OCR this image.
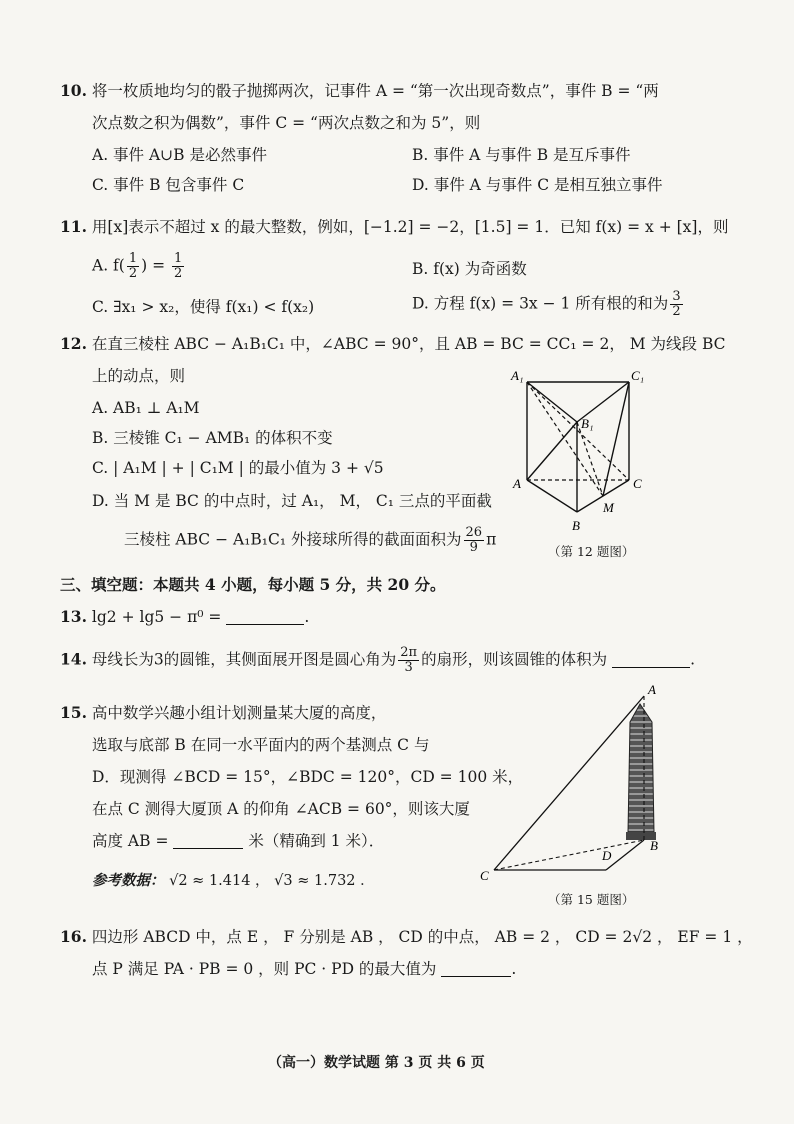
10. 将一枚质地均匀的骰子抛掷两次，记事件 A = “第一次出现奇数点”，事件 B = “两
次点数之积为偶数”，事件 C = “两次点数之和为 5”，则
A. 事件 A∪B 是必然事件	B. 事件 A 与事件 B 是互斥事件
C. 事件 B 包含事件 C	D. 事件 A 与事件 C 是相互独立事件
11. 用[x]表示不超过 x 的最大整数，例如，[−1.2] = −2，[1.5] = 1．已知 f(x) = x + [x]，则
A. $f( \frac{1}{2}$ ) = $\frac{1}{2}$	B. f(x) 为奇函数
C. ∃x₁ > x₂，使得 f(x₁) < f(x₂)	D. 方程 f(x) = 3x − 1 所有根的和为 $\frac{3}{2}$
12. 在直三棱柱 ABC − A₁B₁C₁ 中，∠ABC = 90°，且 AB = BC = CC₁ = 2， M 为线段 BC
上的动点，则
A. AB₁ ⊥ A₁M
B. 三棱锥 C₁ − AMB₁ 的体积不变
C. | A₁M | + | C₁M | 的最小值为 3 + √5
D. 当 M 是 BC 的中点时，过 A₁， M， C₁ 三点的平面截
三棱柱 ABC − A₁B₁C₁ 外接球所得的截面面积为 $\frac{26}{9}$ π
A₁	C₁
B₁
A	C
M
B
（第 12 题图）
三、填空题：本题共 4 小题，每小题 5 分，共 20 分。
13. lg2 + lg5 − π⁰ =	.
14. 母线长为3的圆锥，其侧面展开图是圆心角为 $\frac{2\pi}{3}$ 的扇形，则该圆锥的体积为	.
15. 高中数学兴趣小组计划测量某大厦的高度，
选取与底部 B 在同一水平面内的两个基测点 C 与
D．现测得 ∠BCD = 15°，∠BDC = 120°，CD = 100 米，
在点 C 测得大厦顶 A 的仰角 ∠ACB = 60°，则该大厦
高度 AB =	米（精确到 1 米）．
参考数据： √2 ≈ 1.414 ， √3 ≈ 1.732 ．
A
B
C
D
（第 15 题图）
16. 四边形 ABCD 中，点 E ， F 分别是 AB ， CD 的中点， AB = 2 ， CD = 2√2 ， EF = 1 ，
点 P 满足 PA · PB = 0 ，则 PC · PD 的最大值为	.
（高一）数学试题 第 3 页 共 6 页
